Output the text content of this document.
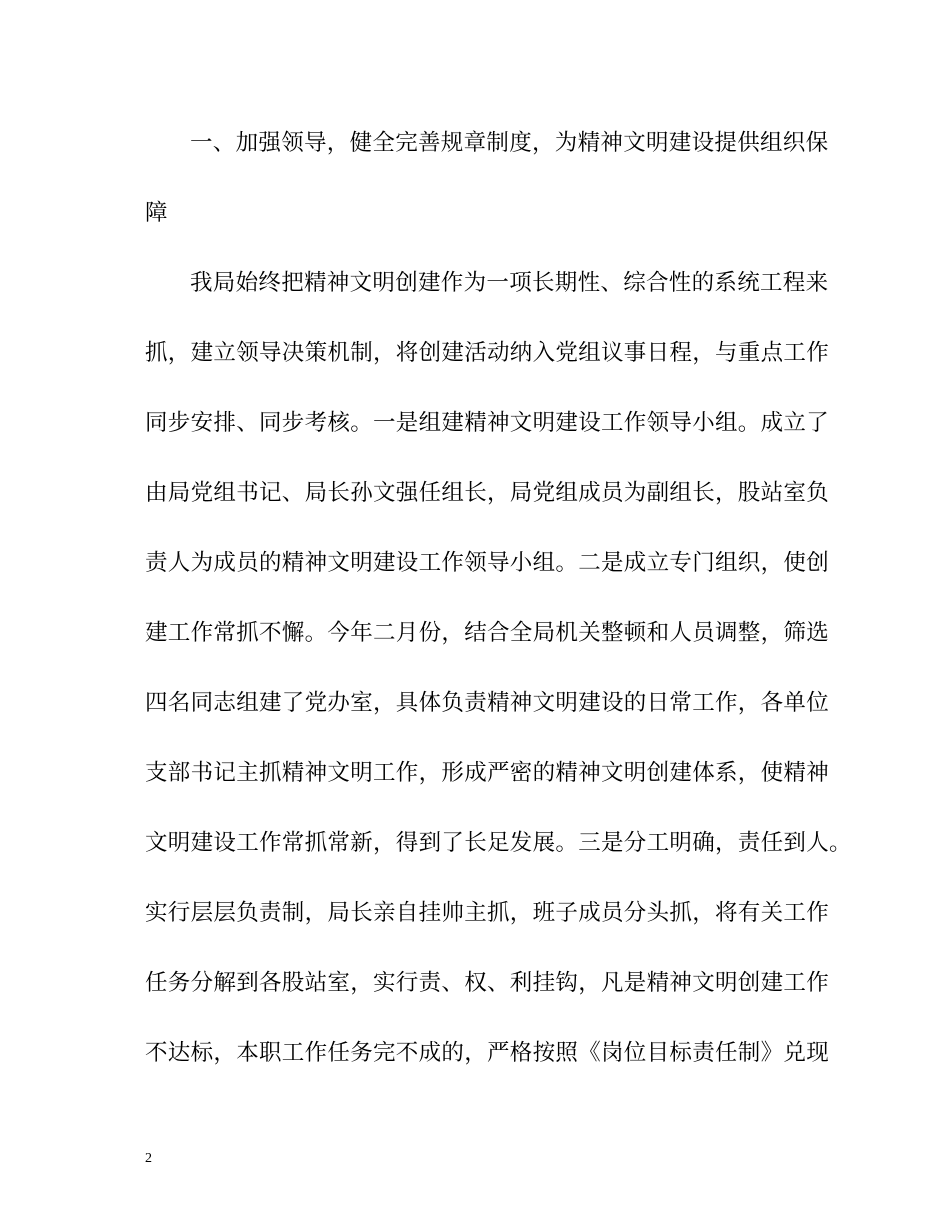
一、加强领导，健全完善规章制度，为精神文明建设提供组织保
障
我局始终把精神文明创建作为一项长期性、综合性的系统工程来
抓，建立领导决策机制，将创建活动纳入党组议事日程，与重点工作
同步安排、同步考核。一是组建精神文明建设工作领导小组。成立了
由局党组书记、局长孙文强任组长，局党组成员为副组长，股站室负
责人为成员的精神文明建设工作领导小组。二是成立专门组织，使创
建工作常抓不懈。今年二月份，结合全局机关整顿和人员调整，筛选
四名同志组建了党办室，具体负责精神文明建设的日常工作，各单位
支部书记主抓精神文明工作，形成严密的精神文明创建体系，使精神
文明建设工作常抓常新，得到了长足发展。三是分工明确，责任到人。
实行层层负责制，局长亲自挂帅主抓，班子成员分头抓，将有关工作
任务分解到各股站室，实行责、权、利挂钩，凡是精神文明创建工作
不达标，本职工作任务完不成的，严格按照《岗位目标责任制》兑现
2
